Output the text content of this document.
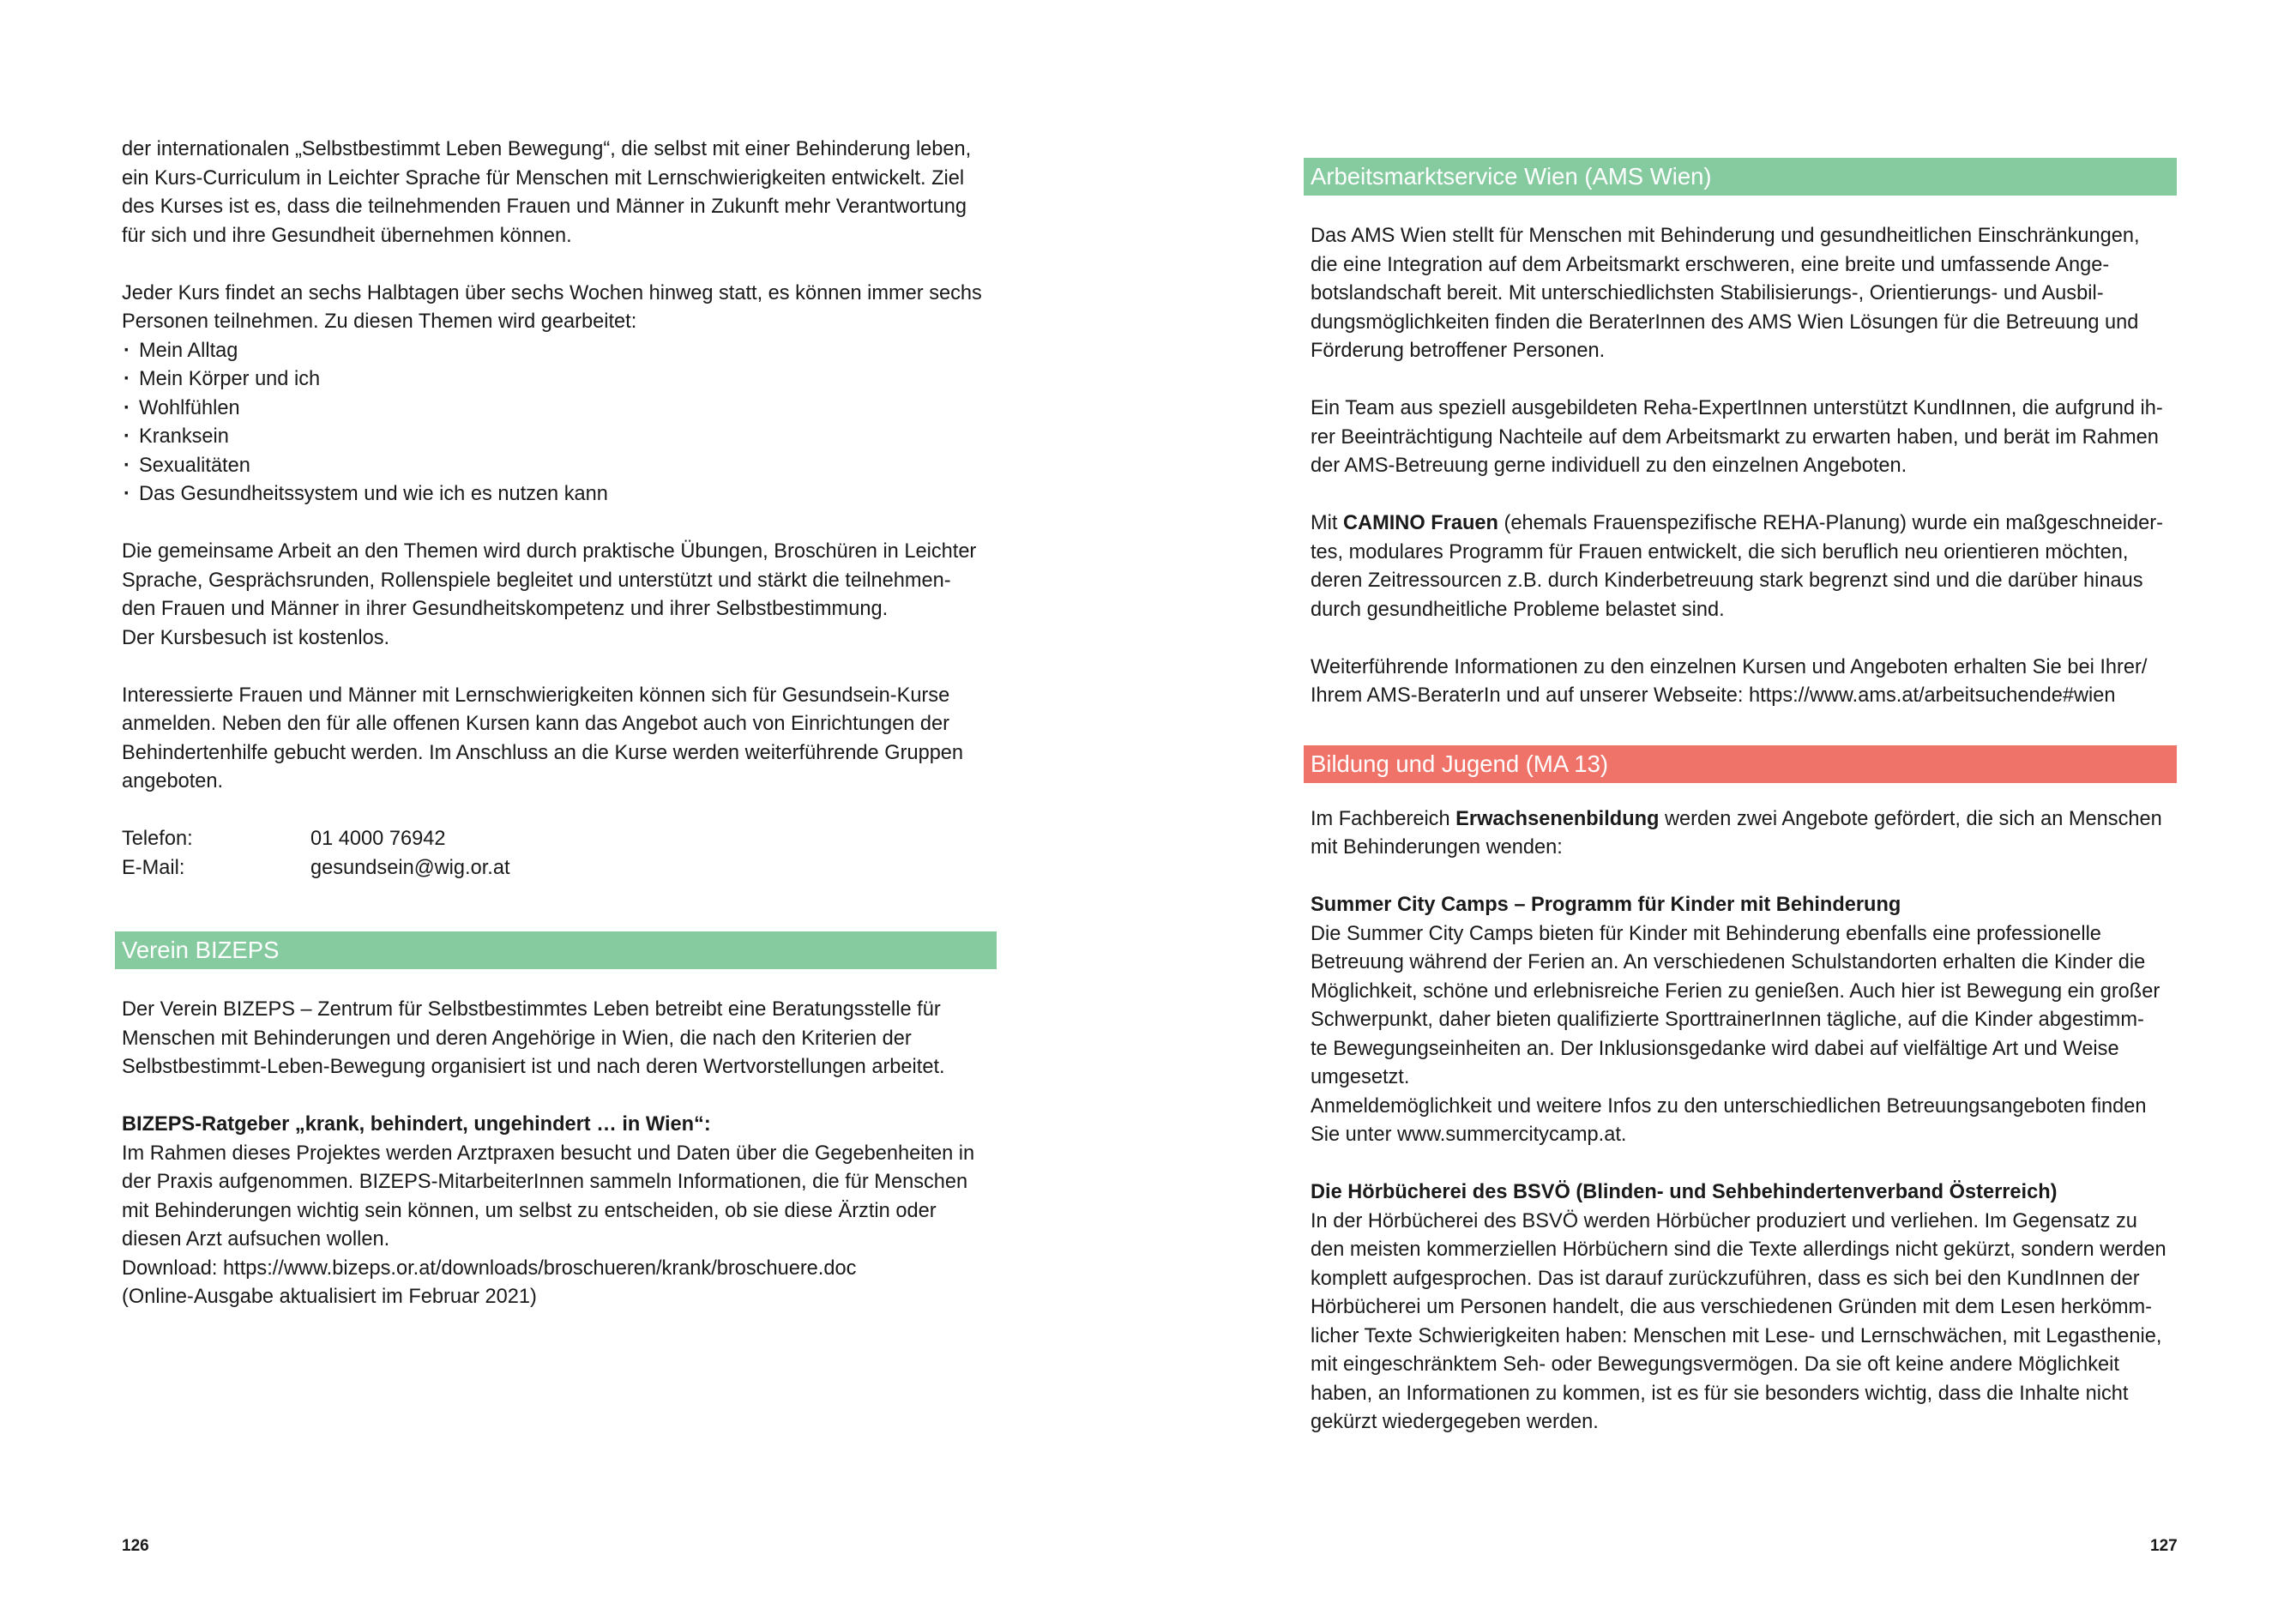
der internationalen „Selbstbestimmt Leben Bewegung“, die selbst mit einer Behinderung leben,

ein Kurs-Curriculum in Leichter Sprache für Menschen mit Lernschwierigkeiten entwickelt. Ziel

des Kurses ist es, dass die teilnehmenden Frauen und Männer in Zukunft mehr Verantwortung

für sich und ihre Gesundheit übernehmen können.

Jeder Kurs findet an sechs Halbtagen über sechs Wochen hinweg statt, es können immer sechs

Personen teilnehmen. Zu diesen Themen wird gearbeitet:

· Mein Alltag
· Mein Körper und ich
· Wohlfühlen
· Kranksein
· Sexualitäten
· Das Gesundheitssystem und wie ich es nutzen kann

Die gemeinsame Arbeit an den Themen wird durch praktische Übungen, Broschüren in Leichter

Sprache, Gesprächsrunden, Rollenspiele begleitet und unterstützt und stärkt die teilnehmen-

den Frauen und Männer in ihrer Gesundheitskompetenz und ihrer Selbstbestimmung.

Der Kursbesuch ist kostenlos.

Interessierte Frauen und Männer mit Lernschwierigkeiten können sich für Gesundsein-Kurse

anmelden. Neben den für alle offenen Kursen kann das Angebot auch von Einrichtungen der

Behindertenhilfe gebucht werden. Im Anschluss an die Kurse werden weiterführende Gruppen

angeboten.

Telefon:	01 4000 76942
E-Mail:	gesundsein@wig.or.at
Verein BIZEPS

Der Verein BIZEPS – Zentrum für Selbstbestimmtes Leben betreibt eine Beratungsstelle für

Menschen mit Behinderungen und deren Angehörige in Wien, die nach den Kriterien der

Selbstbestimmt-Leben-Bewegung organisiert ist und nach deren Wertvorstellungen arbeitet.

BIZEPS-Ratgeber „krank, behindert, ungehindert … in Wien“:

Im Rahmen dieses Projektes werden Arztpraxen besucht und Daten über die Gegebenheiten in

der Praxis aufgenommen. BIZEPS-MitarbeiterInnen sammeln Informationen, die für Menschen

mit Behinderungen wichtig sein können, um selbst zu entscheiden, ob sie diese Ärztin oder

diesen Arzt aufsuchen wollen.

Download: https://www.bizeps.or.at/downloads/broschueren/krank/broschuere.doc

(Online-Ausgabe aktualisiert im Februar 2021)

126
Arbeitsmarktservice Wien (AMS Wien)

Das AMS Wien stellt für Menschen mit Behinderung und gesundheitlichen Einschränkungen,

die eine Integration auf dem Arbeitsmarkt erschweren, eine breite und umfassende Ange-

botslandschaft bereit. Mit unterschiedlichsten Stabilisierungs-, Orientierungs- und Ausbil-

dungsmöglichkeiten finden die BeraterInnen des AMS Wien Lösungen für die Betreuung und

Förderung betroffener Personen.

Ein Team aus speziell ausgebildeten Reha-ExpertInnen unterstützt KundInnen, die aufgrund ih-

rer Beeinträchtigung Nachteile auf dem Arbeitsmarkt zu erwarten haben, und berät im Rahmen

der AMS-Betreuung gerne individuell zu den einzelnen Angeboten.

Mit CAMINO Frauen (ehemals Frauenspezifische REHA-Planung) wurde ein maßgeschneider-

tes, modulares Programm für Frauen entwickelt, die sich beruflich neu orientieren möchten,

deren Zeitressourcen z.B. durch Kinderbetreuung stark begrenzt sind und die darüber hinaus

durch gesundheitliche Probleme belastet sind.

Weiterführende Informationen zu den einzelnen Kursen und Angeboten erhalten Sie bei Ihrer/

Ihrem AMS-BeraterIn und auf unserer Webseite: https://www.ams.at/arbeitsuchende#wien

Bildung und Jugend (MA 13)

Im Fachbereich Erwachsenenbildung werden zwei Angebote gefördert, die sich an Menschen

mit Behinderungen wenden:

Summer City Camps – Programm für Kinder mit Behinderung

Die Summer City Camps bieten für Kinder mit Behinderung ebenfalls eine professionelle

Betreuung während der Ferien an. An verschiedenen Schulstandorten erhalten die Kinder die

Möglichkeit, schöne und erlebnisreiche Ferien zu genießen. Auch hier ist Bewegung ein großer

Schwerpunkt, daher bieten qualifizierte SporttrainerInnen tägliche, auf die Kinder abgestimm-

te Bewegungseinheiten an. Der Inklusionsgedanke wird dabei auf vielfältige Art und Weise

umgesetzt.

Anmeldemöglichkeit und weitere Infos zu den unterschiedlichen Betreuungsangeboten finden

Sie unter www.summercitycamp.at.

Die Hörbücherei des BSVÖ (Blinden- und Sehbehindertenverband Österreich)

In der Hörbücherei des BSVÖ werden Hörbücher produziert und verliehen. Im Gegensatz zu

den meisten kommerziellen Hörbüchern sind die Texte allerdings nicht gekürzt, sondern werden

komplett aufgesprochen. Das ist darauf zurückzuführen, dass es sich bei den KundInnen der

Hörbücherei um Personen handelt, die aus verschiedenen Gründen mit dem Lesen herkömm-

licher Texte Schwierigkeiten haben: Menschen mit Lese- und Lernschwächen, mit Legasthenie,

mit eingeschränktem Seh- oder Bewegungsvermögen. Da sie oft keine andere Möglichkeit

haben, an Informationen zu kommen, ist es für sie besonders wichtig, dass die Inhalte nicht

gekürzt wiedergegeben werden.

127
